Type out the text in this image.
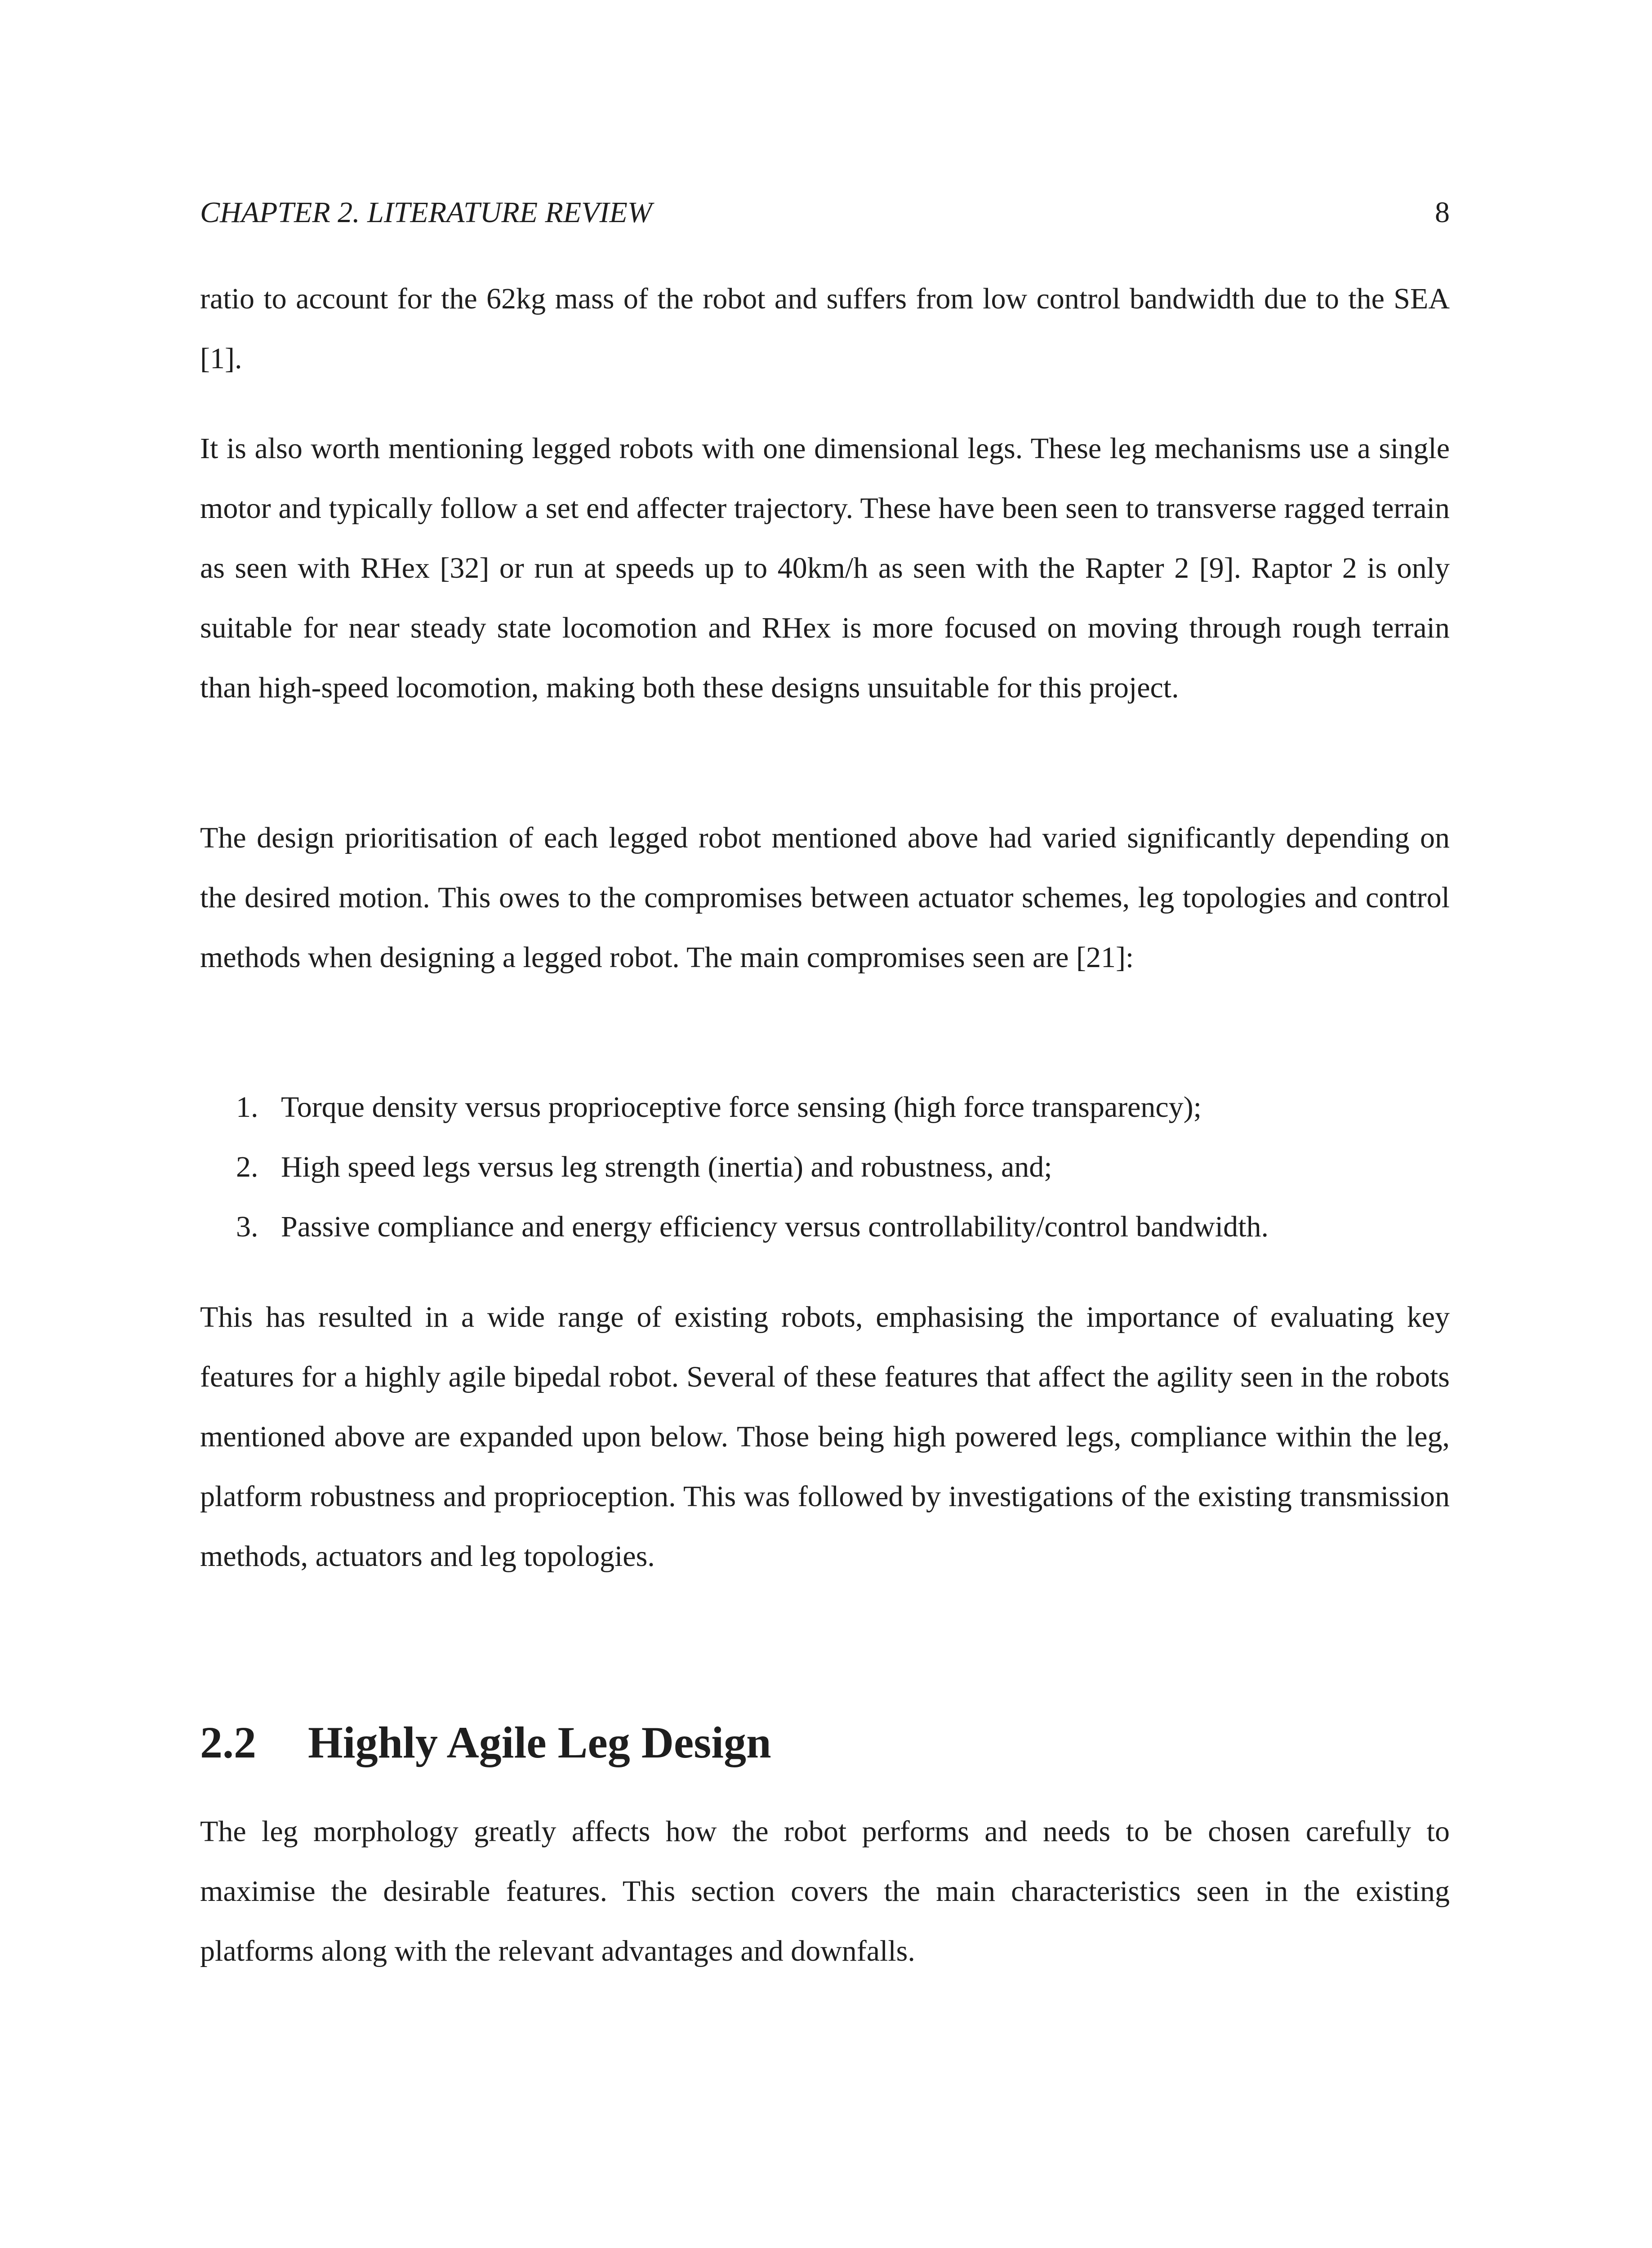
CHAPTER 2. LITERATURE REVIEW	8

ratio to account for the 62kg mass of the robot and suffers from low control bandwidth due to the SEA [1].

It is also worth mentioning legged robots with one dimensional legs. These leg mechanisms use a single motor and typically follow a set end affecter trajectory. These have been seen to transverse ragged terrain as seen with RHex [32] or run at speeds up to 40km/h as seen with the Rapter 2 [9]. Raptor 2 is only suitable for near steady state locomotion and RHex is more focused on moving through rough terrain than high-speed locomotion, making both these designs unsuitable for this project.

The design prioritisation of each legged robot mentioned above had varied significantly depending on the desired motion. This owes to the compromises between actuator schemes, leg topologies and control methods when designing a legged robot. The main compromises seen are [21]:

1. Torque density versus proprioceptive force sensing (high force transparency);
2. High speed legs versus leg strength (inertia) and robustness, and;
3. Passive compliance and energy efficiency versus controllability/control bandwidth.

This has resulted in a wide range of existing robots, emphasising the importance of evaluating key features for a highly agile bipedal robot. Several of these features that affect the agility seen in the robots mentioned above are expanded upon below. Those being high powered legs, compliance within the leg, platform robustness and proprioception. This was followed by investigations of the existing transmission methods, actuators and leg topologies.

2.2 Highly Agile Leg Design

The leg morphology greatly affects how the robot performs and needs to be chosen carefully to maximise the desirable features. This section covers the main characteristics seen in the existing platforms along with the relevant advantages and downfalls.
